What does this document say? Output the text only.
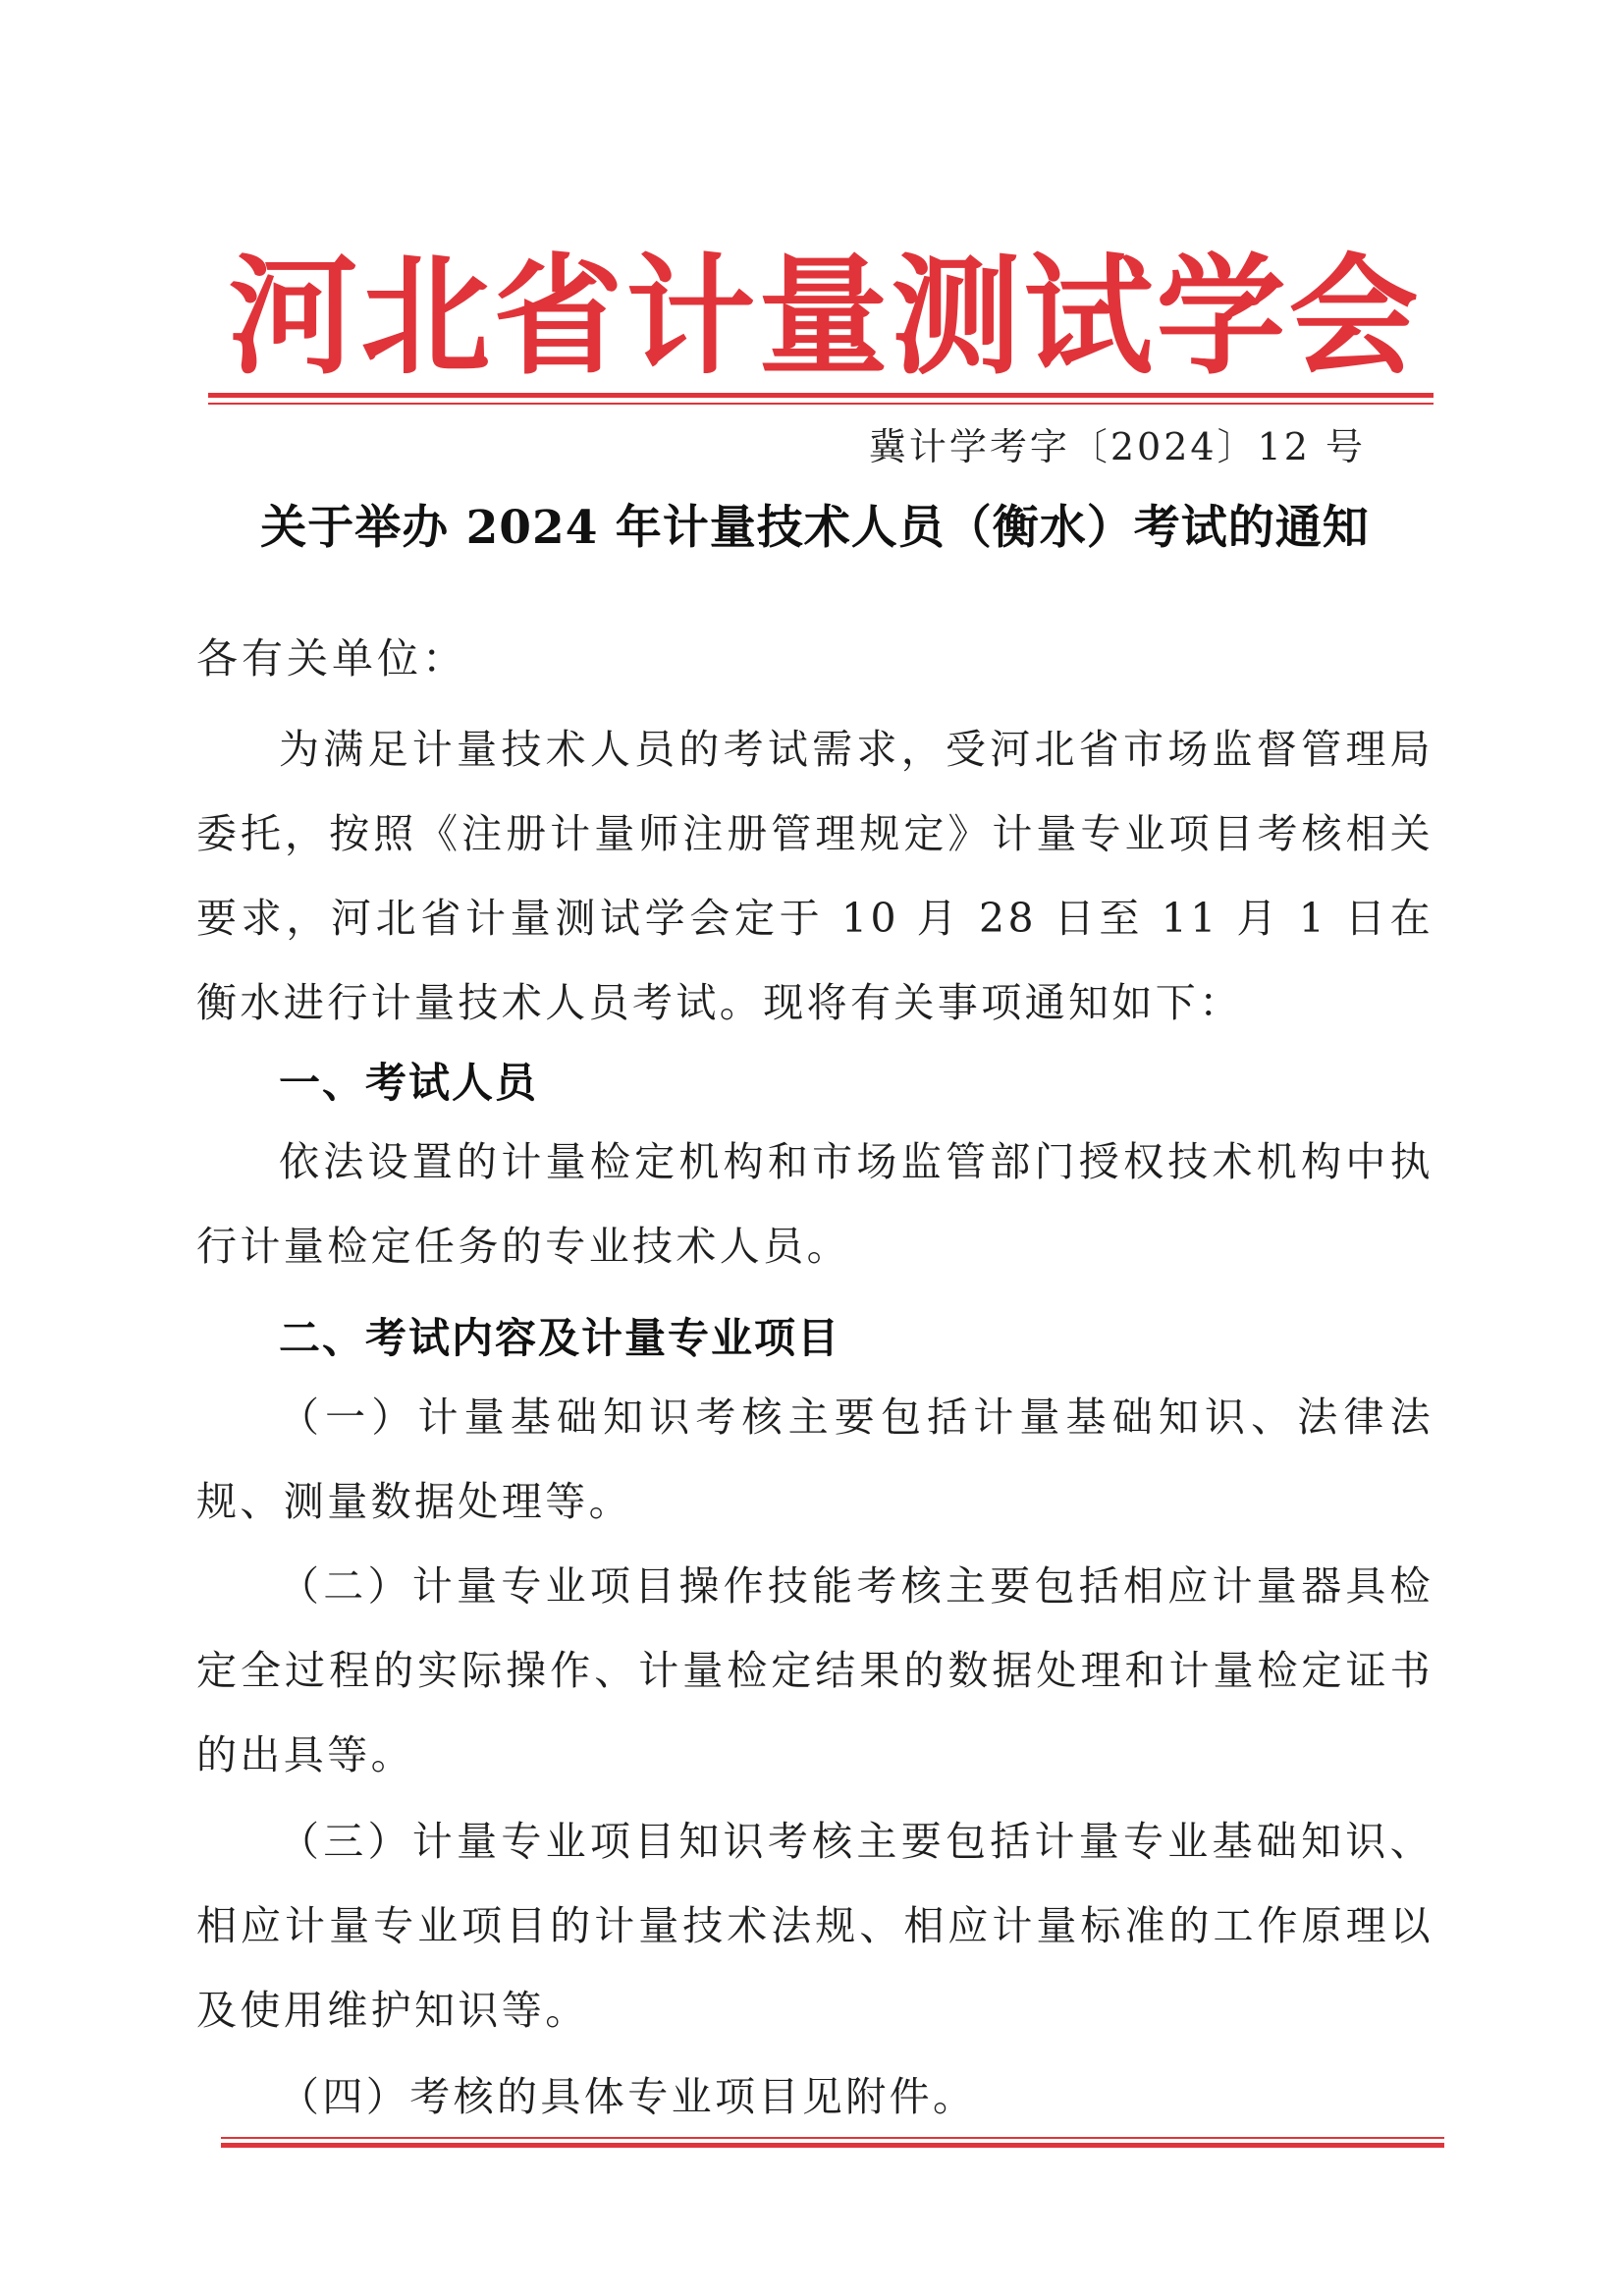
河北省计量测试学会
冀计学考字〔2024〕12 号
关于举办 2024 年计量技术人员（衡水）考试的通知
各有关单位：

为满足计量技术人员的考试需求，受河北省市场监督管理局委托，按照《注册计量师注册管理规定》计量专业项目考核相关要求，河北省计量测试学会定于 10 月 28 日至 11 月 1 日在衡水进行计量技术人员考试。现将有关事项通知如下：

一、考试人员

依法设置的计量检定机构和市场监管部门授权技术机构中执行计量检定任务的专业技术人员。

二、考试内容及计量专业项目

（一）计量基础知识考核主要包括计量基础知识、法律法规、测量数据处理等。

（二）计量专业项目操作技能考核主要包括相应计量器具检定全过程的实际操作、计量检定结果的数据处理和计量检定证书的出具等。

（三）计量专业项目知识考核主要包括计量专业基础知识、相应计量专业项目的计量技术法规、相应计量标准的工作原理以及使用维护知识等。

（四）考核的具体专业项目见附件。
